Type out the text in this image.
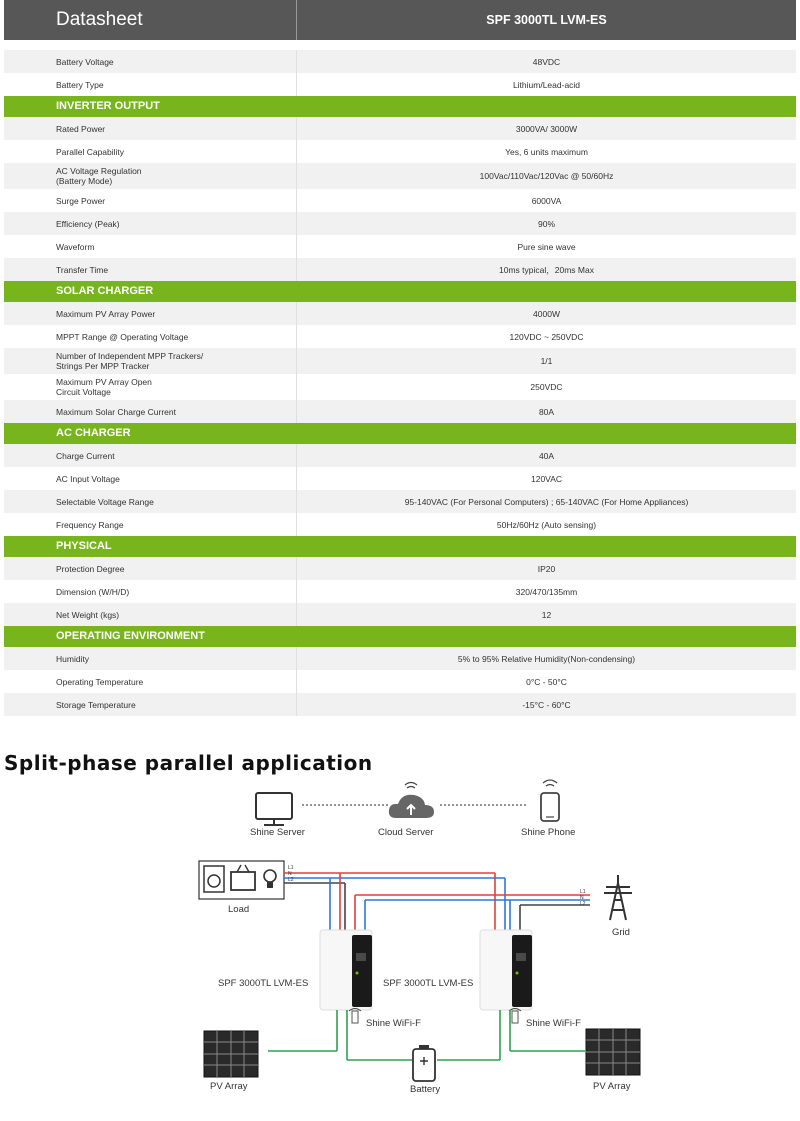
Datasheet	SPF 3000TL LVM-ES
Battery Voltage	48VDC
Battery Type	Lithium/Lead-acid
INVERTER OUTPUT
Rated Power	3000VA/ 3000W
Parallel Capability	Yes, 6 units maximum
AC Voltage Regulation
(Battery Mode)	100Vac/110Vac/120Vac @ 50/60Hz
Surge Power	6000VA
Efficiency (Peak)	90%
Waveform	Pure sine wave
Transfer Time	10ms typical，20ms Max
SOLAR CHARGER
Maximum PV Array Power	4000W
MPPT Range @ Operating Voltage	120VDC ~ 250VDC
Number of Independent MPP Trackers/
Strings Per MPP Tracker	1/1
Maximum PV Array Open
Circuit Voltage	250VDC
Maximum Solar Charge Current	80A
AC CHARGER
Charge Current	40A
AC Input Voltage	120VAC
Selectable Voltage Range	95-140VAC (For Personal Computers) ; 65-140VAC (For Home Appliances)
Frequency Range	50Hz/60Hz (Auto sensing)
PHYSICAL
Protection Degree	IP20
Dimension (W/H/D)	320/470/135mm
Net Weight (kgs)	12
OPERATING ENVIRONMENT
Humidity	5% to 95% Relative Humidity(Non-condensing)
Operating Temperature	0°C - 50°C
Storage Temperature	-15°C - 60°C
Split-phase parallel application
Shine Server	Cloud Server	Shine Phone
Load
Grid
L1
N
L2
L1
N
L2
SPF 3000TL LVM-ES	SPF 3000TL LVM-ES
Shine WiFi-F	Shine WiFi-F
PV Array	PV Array
Battery
